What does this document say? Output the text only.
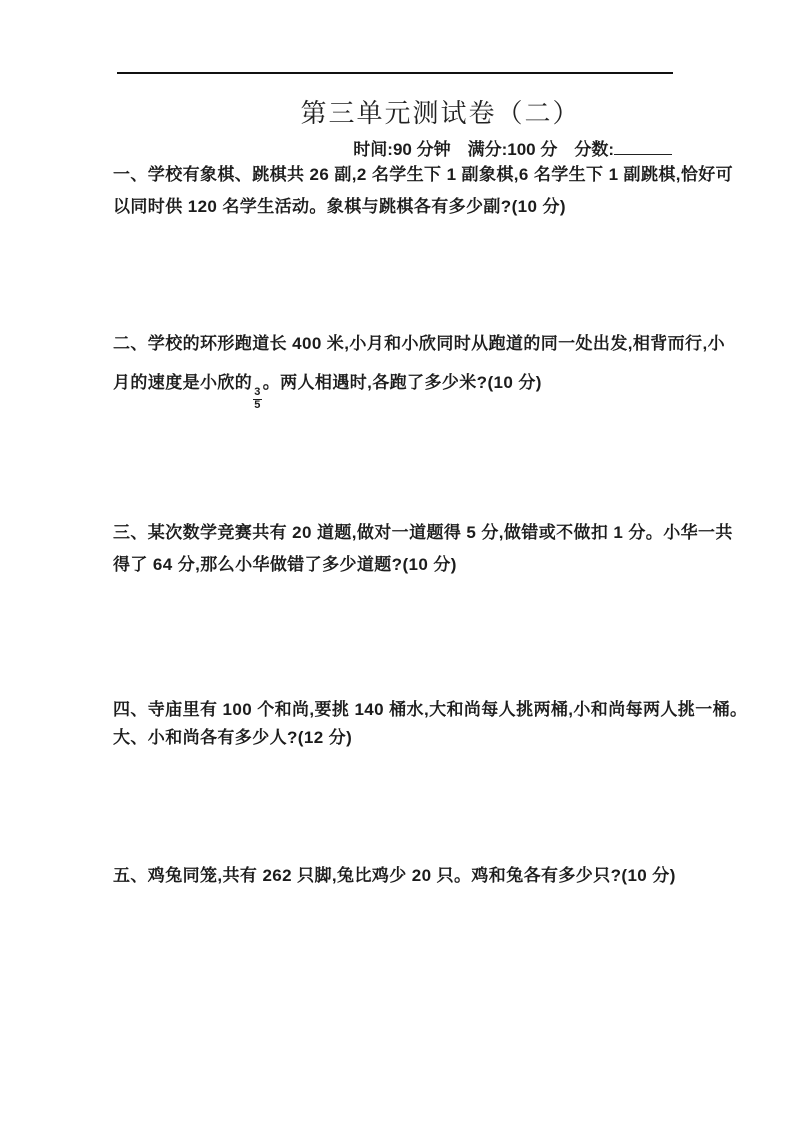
第三单元测试卷（二）
时间:90 分钟 满分:100 分 分数:
一、学校有象棋、跳棋共 26 副,2 名学生下 1 副象棋,6 名学生下 1 副跳棋,恰好可
以同时供 120 名学生活动。象棋与跳棋各有多少副?(10 分)
二、学校的环形跑道长 400 米,小月和小欣同时从跑道的同一处出发,相背而行,小
月的速度是小欣的
$\frac{3}{5}$
。两人相遇时,各跑了多少米?(10 分)
三、某次数学竞赛共有 20 道题,做对一道题得 5 分,做错或不做扣 1 分。小华一共
得了 64 分,那么小华做错了多少道题?(10 分)
四、寺庙里有 100 个和尚,要挑 140 桶水,大和尚每人挑两桶,小和尚每两人挑一桶。
大、小和尚各有多少人?(12 分)
五、鸡兔同笼,共有 262 只脚,兔比鸡少 20 只。鸡和兔各有多少只?(10 分)
